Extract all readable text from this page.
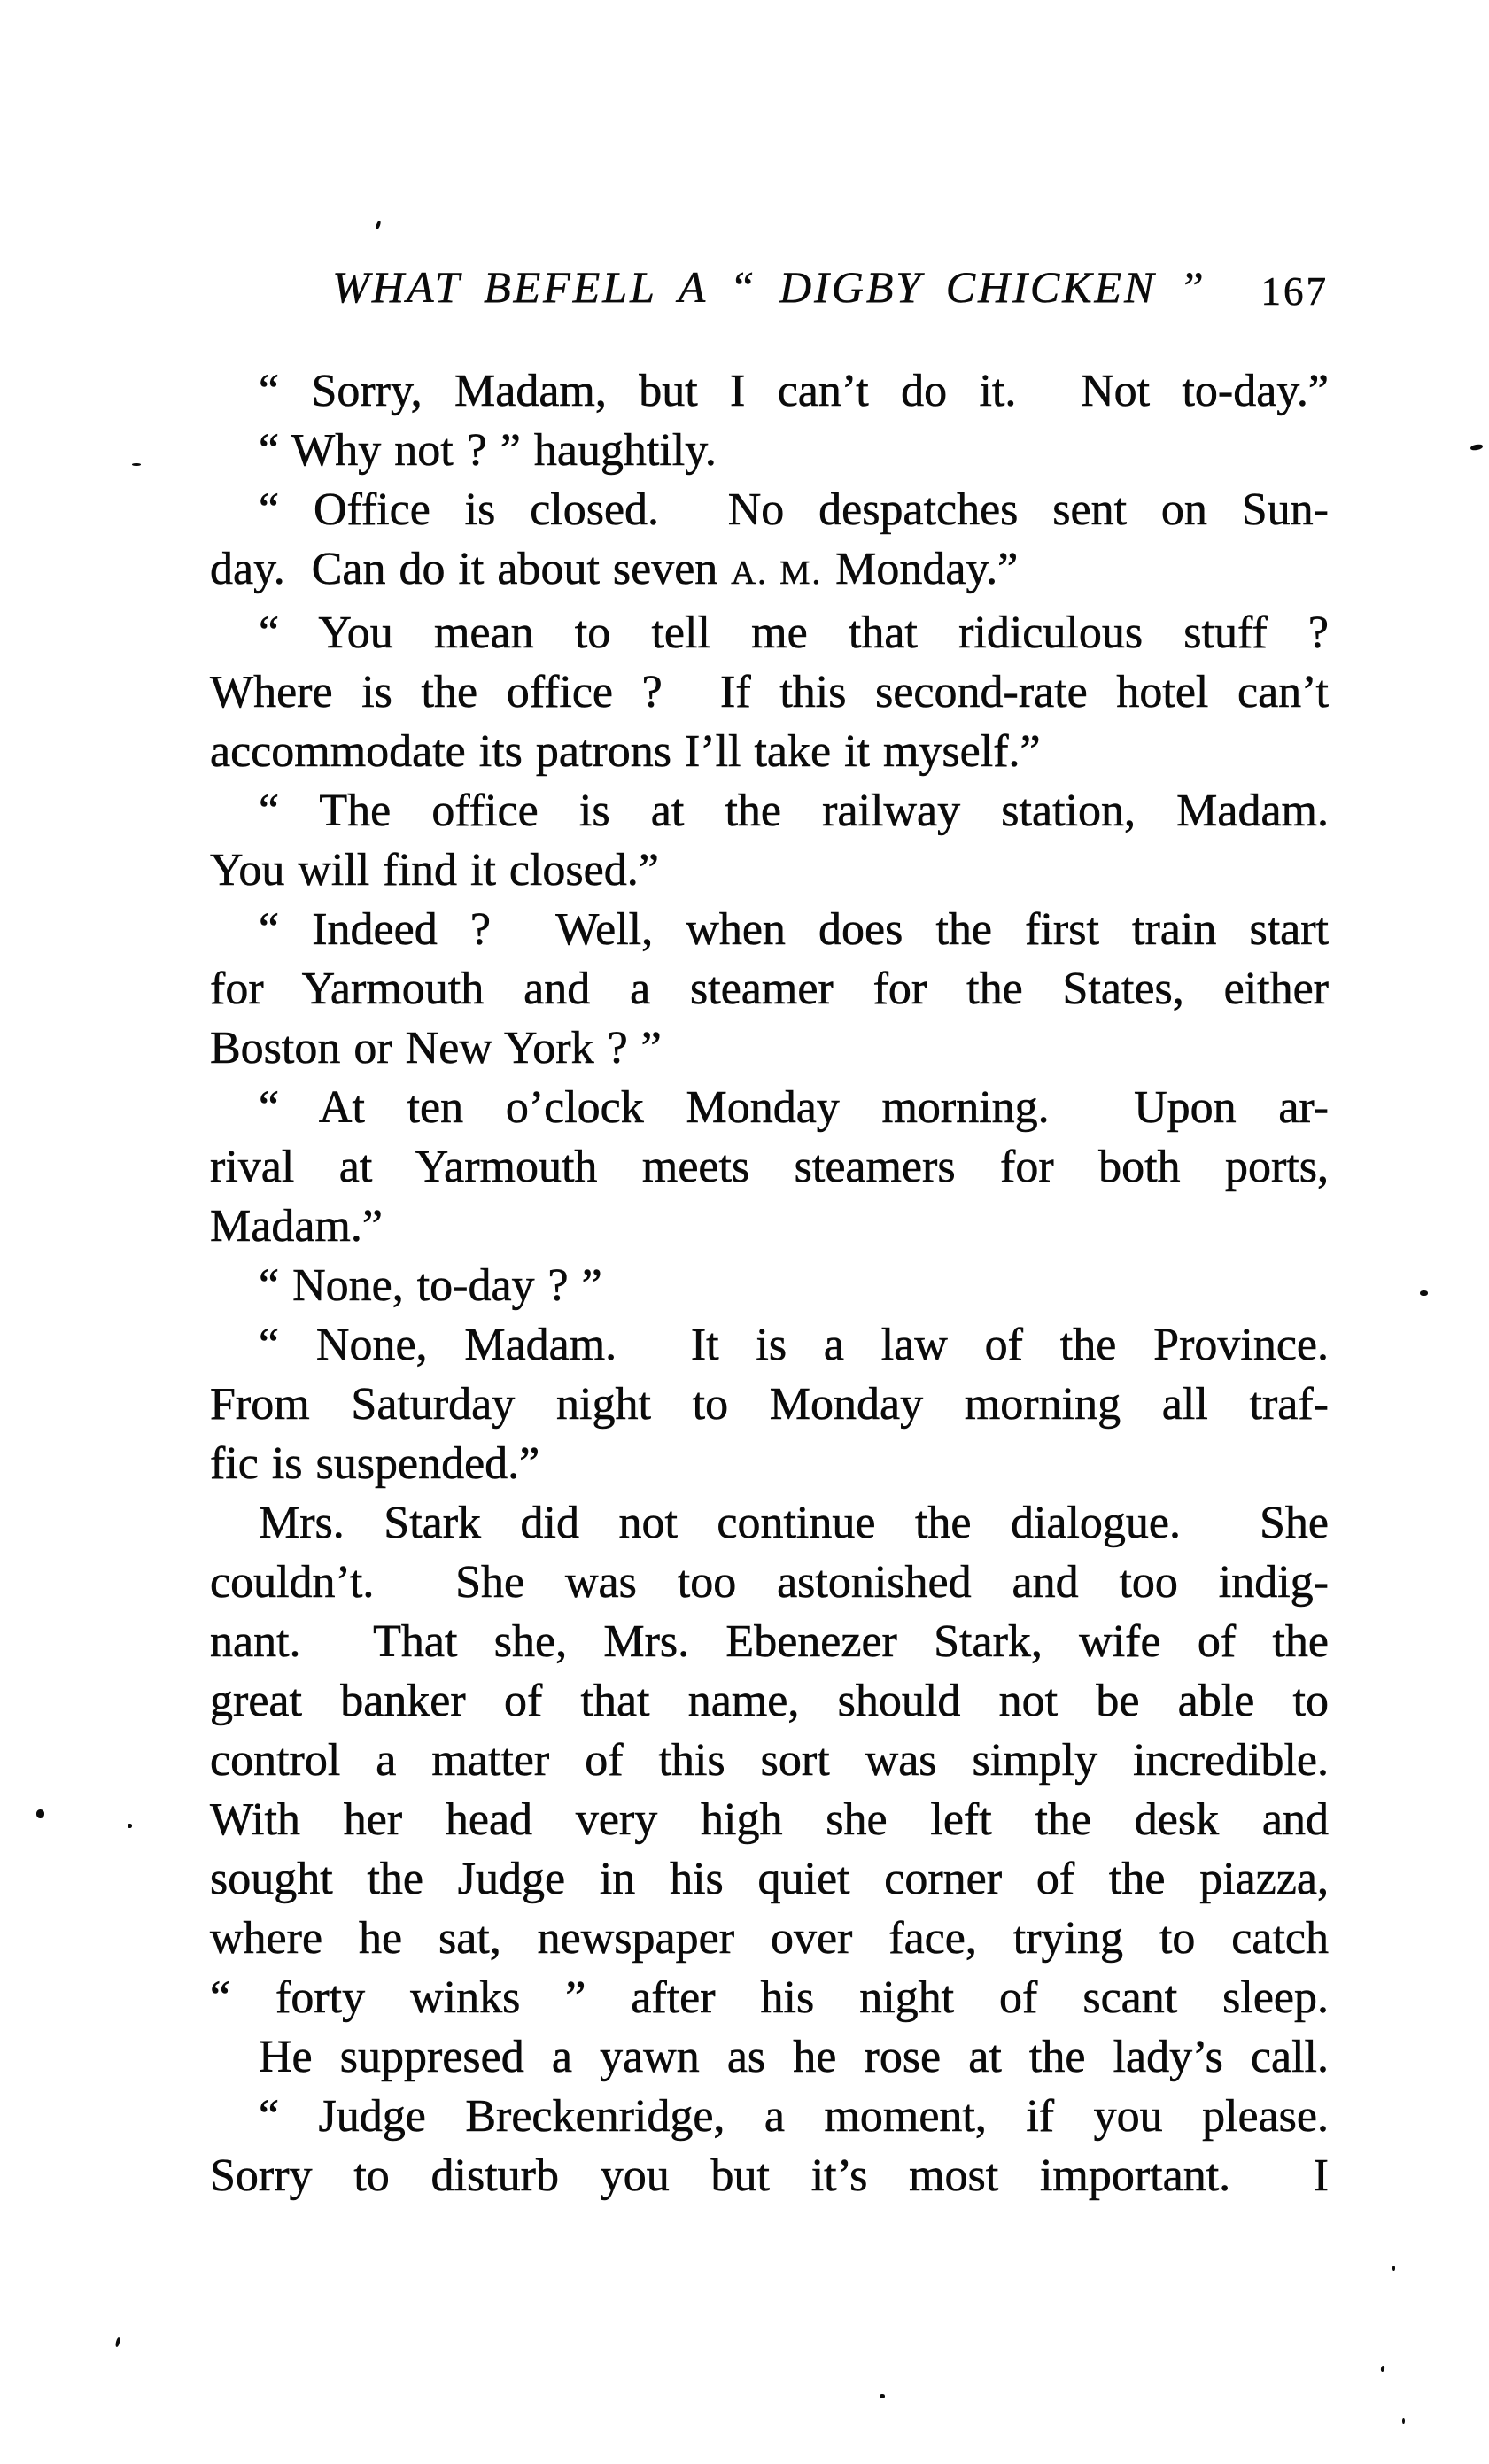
WHAT BEFELL A “ DIGBY CHICKEN ” 167
“ Sorry, Madam, but I can’t do it.  Not to-day.”
“ Why not ? ” haughtily.
“ Office is closed.  No despatches sent on Sun-
day.  Can do it about seven A. M. Monday.”
“ You mean to tell me that ridiculous stuff ?
Where is the office ?  If this second-rate hotel can’t
accommodate its patrons I’ll take it myself.”
“ The office is at the railway station, Madam.
You will find it closed.”
“ Indeed ?  Well, when does the first train start
for Yarmouth and a steamer for the States, either
Boston or New York ? ”
“ At ten o’clock Monday morning.  Upon ar-
rival at Yarmouth meets steamers for both ports,
Madam.”
“ None, to-day ? ”
“ None, Madam.  It is a law of the Province.
From Saturday night to Monday morning all traf-
fic is suspended.”
Mrs. Stark did not continue the dialogue.  She
couldn’t.  She was too astonished and too indig-
nant.  That she, Mrs. Ebenezer Stark, wife of the
great banker of that name, should not be able to
control a matter of this sort was simply incredible.
With her head very high she left the desk and
sought the Judge in his quiet corner of the piazza,
where he sat, newspaper over face, trying to catch
“ forty winks ” after his night of scant sleep.
He suppresed a yawn as he rose at the lady’s call.
“ Judge Breckenridge, a moment, if you please.
Sorry to disturb you but it’s most important.  I
